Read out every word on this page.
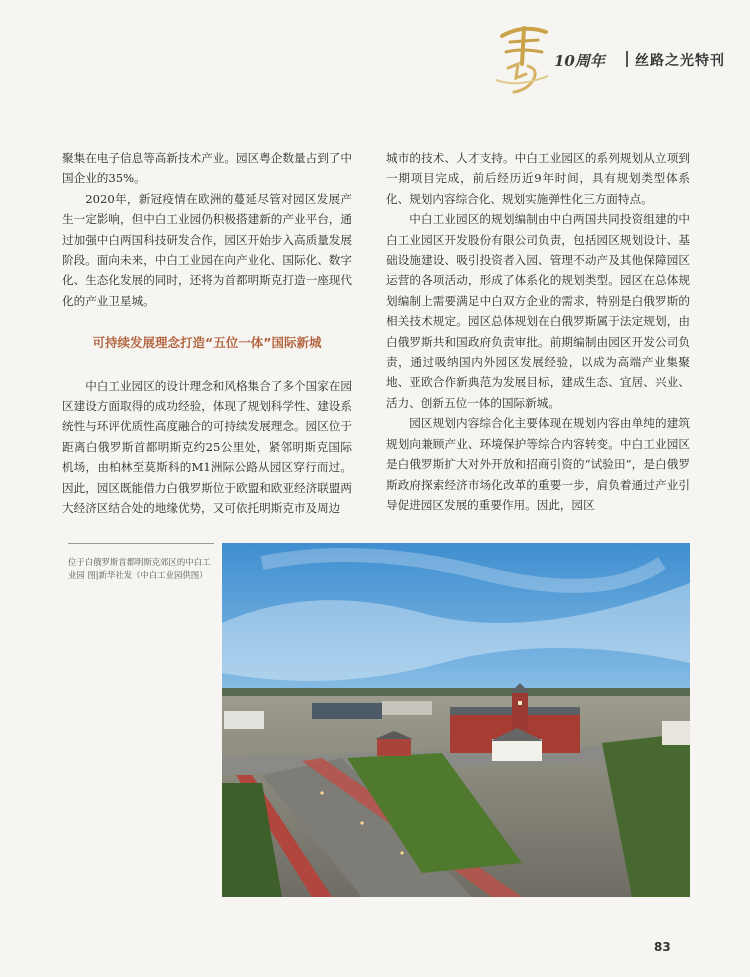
10周年 丝路之光特刊

聚集在电子信息等高新技术产业。园区粤企数量占到了中国企业的35%。

2020年，新冠疫情在欧洲的蔓延尽管对园区发展产生一定影响，但中白工业园仍积极搭建新的产业平台，通过加强中白两国科技研发合作，园区开始步入高质量发展阶段。面向未来，中白工业园在向产业化、国际化、数字化、生态化发展的同时，还将为首都明斯克打造一座现代化的产业卫星城。

可持续发展理念打造“五位一体”国际新城

中白工业园区的设计理念和风格集合了多个国家在园区建设方面取得的成功经验，体现了规划科学性、建设系统性与环评优质性高度融合的可持续发展理念。园区位于距离白俄罗斯首都明斯克约25公里处，紧邻明斯克国际机场，由柏林至莫斯科的M1洲际公路从园区穿行而过。因此，园区既能借力白俄罗斯位于欧盟和欧亚经济联盟两大经济区结合处的地缘优势，又可依托明斯克市及周边

城市的技术、人才支持。中白工业园区的系列规划从立项到一期项目完成，前后经历近9年时间，具有规划类型体系化、规划内容综合化、规划实施弹性化三方面特点。

中白工业园区的规划编制由中白两国共同投资组建的中白工业园区开发股份有限公司负责，包括园区规划设计、基础设施建设、吸引投资者入园、管理不动产及其他保障园区运营的各项活动，形成了体系化的规划类型。园区在总体规划编制上需要满足中白双方企业的需求，特别是白俄罗斯的相关技术规定。园区总体规划在白俄罗斯属于法定规划，由白俄罗斯共和国政府负责审批。前期编制由园区开发公司负责，通过吸纳国内外园区发展经验，以成为高端产业集聚地、亚欧合作新典范为发展目标，建成生态、宜居、兴业、活力、创新五位一体的国际新城。

园区规划内容综合化主要体现在规划内容由单纯的建筑规划向兼顾产业、环境保护等综合内容转变。中白工业园区是白俄罗斯扩大对外开放和招商引资的“试验田”，是白俄罗斯政府探索经济市场化改革的重要一步，肩负着通过产业引导促进园区发展的重要作用。因此，园区

位于白俄罗斯首都明斯克郊区的中白工业园 图|新华社发（中白工业园供图）
83
